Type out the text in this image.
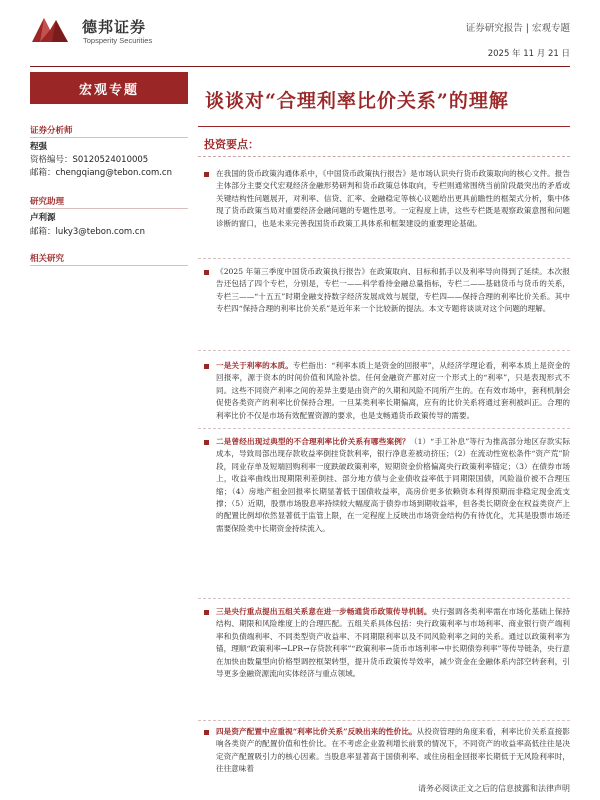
德邦证券
Topsperity Securities
证券研究报告 | 宏观专题
2025 年 11 月 21 日
宏观专题
证券分析师
程强
资格编号：S0120524010005
邮箱：chengqiang@tebon.com.cn
研究助理
卢利源
邮箱：luky3@tebon.com.cn
相关研究
谈谈对“合理利率比价关系”的理解
投资要点：
在我国的货币政策沟通体系中，《中国货币政策执行报告》是市场认识央行货币政策取向的核心文件。报告主体部分主要交代宏观经济金融形势研判和货币政策总体取向，专栏则通常围绕当前阶段最突出的矛盾或关键结构性问题展开，对利率、信贷、汇率、金融稳定等核心议题给出更具前瞻性的框架式分析，集中体现了货币政策当局对重要经济金融问题的专题性思考。一定程度上讲，这些专栏既是观察政策意图和问题诊断的窗口，也是未来完善我国货币政策工具体系和框架建设的重要理论基础。
《2025 年第三季度中国货币政策执行报告》在政策取向、目标和抓手以及利率导向得到了延续。本次报告还包括了四个专栏，分别是，专栏一——科学看待金融总量指标，专栏二——基础货币与货币的关系，专栏三——“十五五”时期金融支持数字经济发展成效与展望，专栏四——保持合理的利率比价关系。其中专栏四“保持合理的利率比价关系”是近年来一个比较新的提法。本文专题将谈谈对这个问题的理解。
一是关于利率的本质。专栏指出：“利率本质上是资金的回报率”，从经济学理论看，利率本质上是资金的回报率，源于资本的时间价值和风险补偿。任何金融资产都对应一个形式上的“利率”，只是表现形式不同。这些不同资产利率之间的差异主要是由资产的久期和风险不同所产生的。在有效市场中，套利机制会促使各类资产的利率比价保持合理。一旦某类利率长期偏离，应有的比价关系将通过套利被纠正。合理的利率比价不仅是市场有效配置资源的要求，也是支畅通货币政策传导的需要。
二是曾经出现过典型的不合理利率比价关系有哪些案例？（1）“手工补息”等行为推高部分地区存款实际成本，导致局部出现存款收益率倒挂贷款利率，银行净息差被动挤压；（2）在流动性宽松条件“资产荒”阶段，同业存单及短端回购利率一度跌破政策利率，短期资金价格偏离央行政策利率锚定；（3）在债券市场上，收益率曲线出现期限利差倒挂、部分地方债与企业债收益率低于同期限国债，风险溢价被不合理压缩；（4）房地产租金回报率长期显著低于国债收益率，高房价更多依赖资本利得预期而非稳定现金流支撑；（5）近期，股票市场股息率持续较大幅度高于债券市场到期收益率，但各类长期资金在权益类资产上的配置比例却依然显著低于监管上限，在一定程度上反映出市场资金结构仍有待优化，尤其是股票市场还需要保险类中长期资金持续流入。
三是央行重点提出五组关系意在进一步畅通货币政策传导机制。央行强调各类利率需在市场化基础上保持结构、期限和风险维度上的合理匹配。五组关系具体包括：央行政策利率与市场利率、商业银行资产端利率和负债端利率、不同类型资产收益率、不同期限利率以及不同风险利率之间的关系。通过以政策利率为锚，理顺“政策利率→LPR→存贷款利率”“政策利率→货币市场利率→中长期债券利率”等传导链条，央行意在加快由数量型向价格型调控框架转型，提升货币政策传导效率，减少资金在金融体系内部空转套利，引导更多金融资源流向实体经济与重点领域。
四是资产配置中应重视“利率比价关系”反映出来的性价比。从投资管理的角度来看，利率比价关系直接影响各类资产的配置价值和性价比。在不考虑企业盈利增长前景的情况下，不同资产的收益率高低往往是决定资产配置吸引力的核心因素。当股息率显著高于国债利率、或住房租金回报率长期低于无风险利率时，往往意味着
请务必阅读正文之后的信息披露和法律声明
